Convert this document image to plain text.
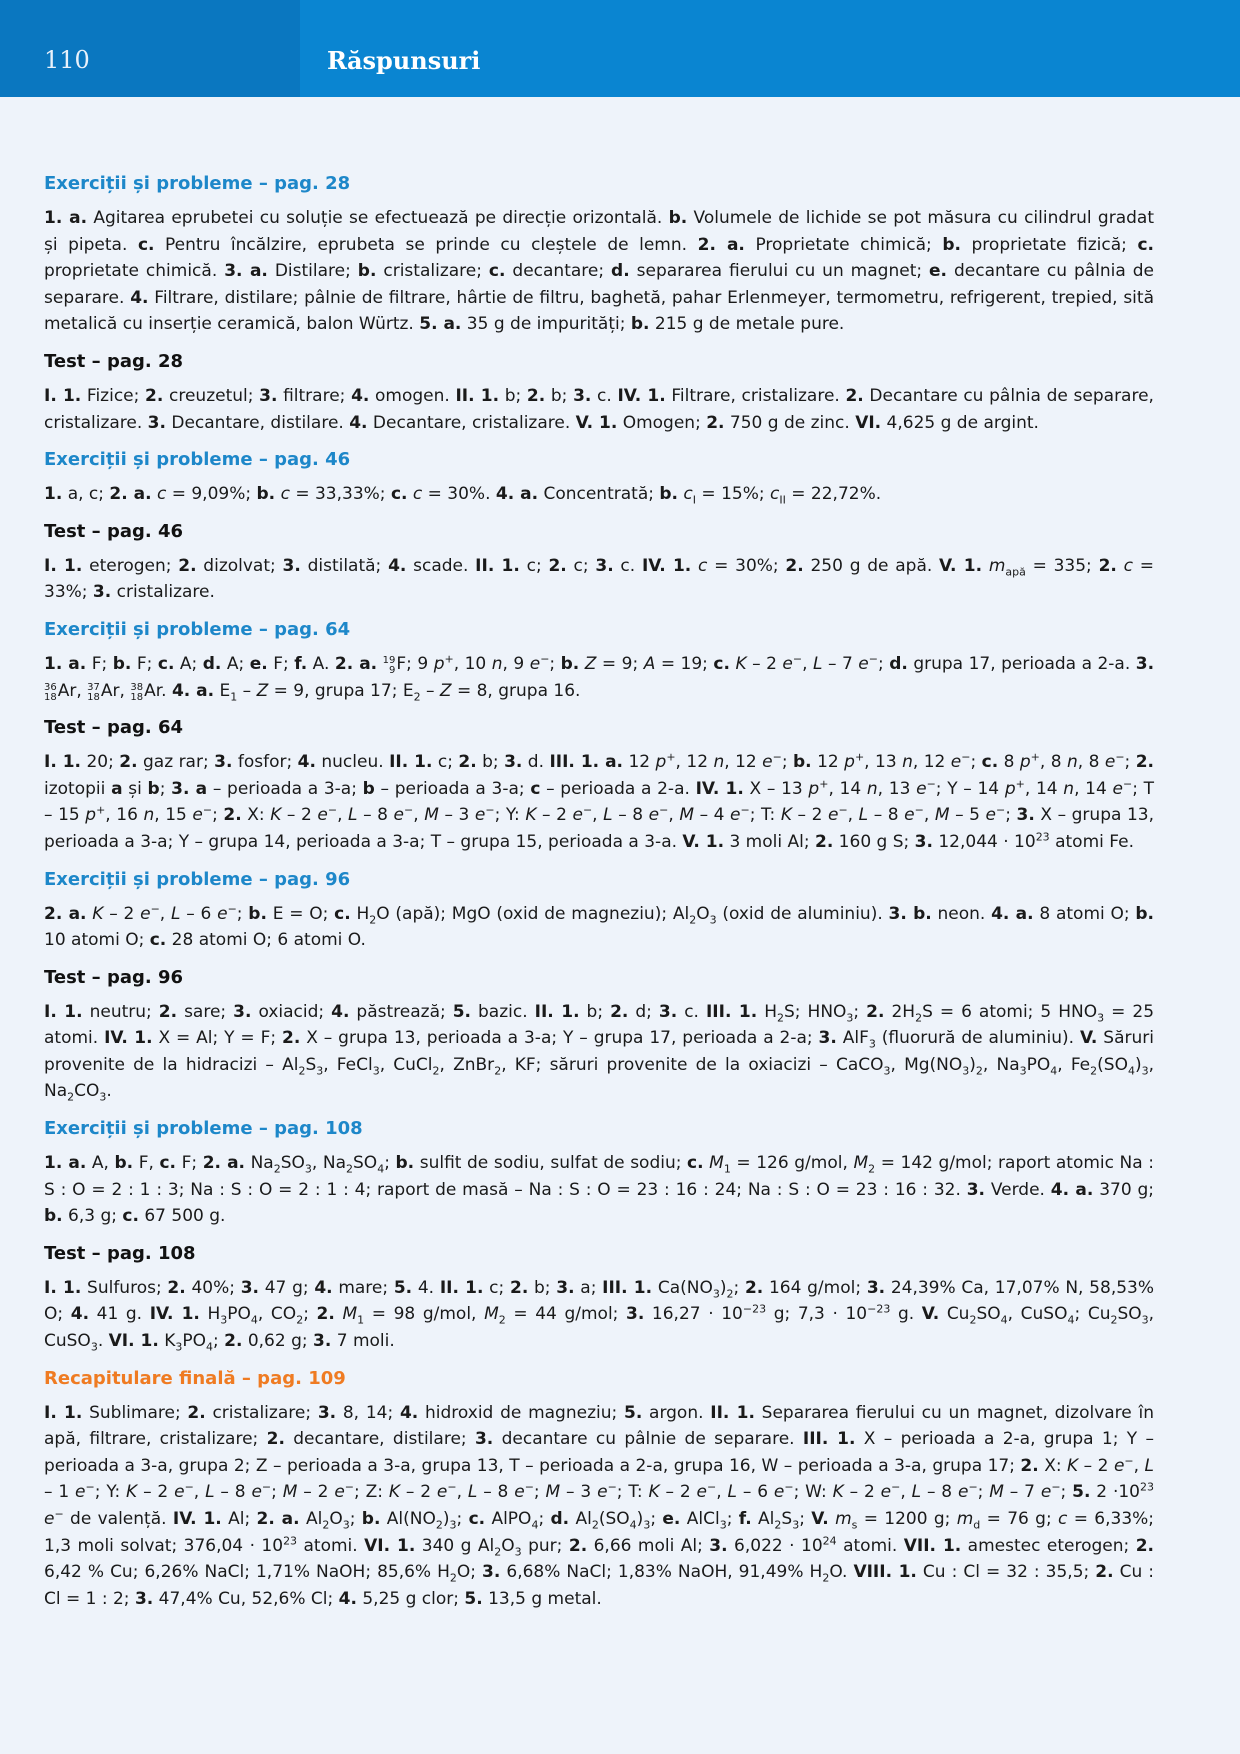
110	Răspunsuri
Exerciții și probleme – pag. 28
1. a. Agitarea eprubetei cu soluție se efectuează pe direcție orizontală. b. Volumele de lichide se pot măsura cu cilindrul gradat și pipeta. c. Pentru încălzire, eprubeta se prinde cu cleștele de lemn. 2. a. Proprietate chimică; b. proprietate fizică; c. proprietate chimică. 3. a. Distilare; b. cristalizare; c. decantare; d. separarea fierului cu un magnet; e. decantare cu pâlnia de separare. 4. Filtrare, distilare; pâlnie de filtrare, hârtie de filtru, baghetă, pahar Erlenmeyer, termometru, refrigerent, trepied, sită metalică cu inserție ceramică, balon Würtz. 5. a. 35 g de impurități; b. 215 g de metale pure.
Test – pag. 28
I. 1. Fizice; 2. creuzetul; 3. filtrare; 4. omogen. II. 1. b; 2. b; 3. c. IV. 1. Filtrare, cristalizare. 2. Decantare cu pâlnia de separare, cristalizare. 3. Decantare, distilare. 4. Decantare, cristalizare. V. 1. Omogen; 2. 750 g de zinc. VI. 4,625 g de argint.
Exerciții și probleme – pag. 46
1. a, c; 2. a. c = 9,09%; b. c = 33,33%; c. c = 30%. 4. a. Concentrată; b. $c_I = 15\%$; $c_{II} = 22,72\%$.
Test – pag. 46
I. 1. eterogen; 2. dizolvat; 3. distilată; 4. scade. II. 1. c; 2. c; 3. c. IV. 1. c = 30%; 2. 250 g de apă. V. 1. $m_{apă} = 335$; 2. c = 33%; 3. cristalizare.
Exerciții și probleme – pag. 64
1. a. F; b. F; c. A; d. A; e. F; f. A. 2. a. 19
9 F; 9 p+, 10 n, 9 e−; b. Z = 9; A = 19; c. K – 2 e−, L – 7 e−; d. grupa 17, perioada a 2-a. 3.
36
18 Ar, 37
18 Ar, 38
18 Ar. 4. a. $E_1 - Z = 9$, grupa 17; $E_2 - Z = 8$, grupa 16.
Test – pag. 64
I. 1. 20; 2. gaz rar; 3. fosfor; 4. nucleu. II. 1. c; 2. b; 3. d. III. 1. a. 12 p+, 12 n, 12 e−; b. 12 p+, 13 n, 12 e−; c. 8 p+, 8 n, 8 e−; 2. izotopii a și b; 3. a – perioada a 3-a; b – perioada a 3-a; c – perioada a 2-a. IV. 1. X – 13 p+, 14 n, 13 e−; Y – 14 p+, 14 n, 14 e−; T – 15 p+, 16 n, 15 e−; 2. X: K – 2 e−, L – 8 e−, M – 3 e−; Y: K – 2 e−, L – 8 e−, M – 4 e−; T: K – 2 e−, L – 8 e−, M – 5 e−; 3. X – grupa 13, perioada a 3-a; Y – grupa 14, perioada a 3-a; T – grupa 15, perioada a 3-a. V. 1. 3 moli Al; 2. 160 g S; 3. $12,044 \cdot 10^{23}$ atomi Fe.
Exerciții și probleme – pag. 96
2. a. K – 2 e−, L – 6 e−; b. E = O; c. $H_2O$ (apă); MgO (oxid de magneziu); $Al_2O_3$ (oxid de aluminiu). 3. b. neon. 4. a. 8 atomi O; b. 10 atomi O; c. 28 atomi O; 6 atomi O.
Test – pag. 96
I. 1. neutru; 2. sare; 3. oxiacid; 4. păstrează; 5. bazic. II. 1. b; 2. d; 3. c. III. 1. $H_2S$; $HNO_3$; 2. $2H_2S = 6$ atomi; 5 $HNO_3 = 25$ atomi. IV. 1. X = Al; Y = F; 2. X – grupa 13, perioada a 3-a; Y – grupa 17, perioada a 2-a; 3. AlF$_3$ (fluorură de aluminiu). V. Săruri provenite de la hidracizi – $Al_2S_3$, FeCl$_3$, CuCl$_2$, ZnBr$_2$, KF; săruri provenite de la oxiacizi – CaCO$_3$, $Mg(NO_3)_2$, $Na_3PO_4$, $Fe_2(SO_4)_3$, $Na_2CO_3$.
Exerciții și probleme – pag. 108
1. a. A, b. F, c. F; 2. a. $Na_2SO_3$, $Na_2SO_4$; b. sulfit de sodiu, sulfat de sodiu; c. $M_1 = 126$ g/mol, $M_2 = 142$ g/mol; raport atomic Na : S : O = 2 : 1 : 3; Na : S : O = 2 : 1 : 4; raport de masă – Na : S : O = 23 : 16 : 24; Na : S : O = 23 : 16 : 32. 3. Verde. 4. a. 370 g; b. 6,3 g; c. 67 500 g.
Test – pag. 108
I. 1. Sulfuros; 2. 40%; 3. 47 g; 4. mare; 5. 4. II. 1. c; 2. b; 3. a; III. 1. $Ca(NO_3)_2$; 2. 164 g/mol; 3. 24,39% Ca, 17,07% N, 58,53% O; 4. 41 g. IV. 1. $H_3PO_4$, $CO_2$; 2. $M_1 = 98$ g/mol, $M_2 = 44$ g/mol; 3. $16,27 \cdot 10^{-23}$ g; $7,3 \cdot 10^{-23}$ g. V. $Cu_2SO_4$, CuSO$_4$; $Cu_2SO_3$, CuSO$_3$. VI. 1. $K_3PO_4$; 2. 0,62 g; 3. 7 moli.
Recapitulare finală – pag. 109
I. 1. Sublimare; 2. cristalizare; 3. 8, 14; 4. hidroxid de magneziu; 5. argon. II. 1. Separarea fierului cu un magnet, dizolvare în apă, filtrare, cristalizare; 2. decantare, distilare; 3. decantare cu pâlnie de separare. III. 1. X – perioada a 2-a, grupa 1; Y – perioada a 3-a, grupa 2; Z – perioada a 3-a, grupa 13, T – perioada a 2-a, grupa 16, W – perioada a 3-a, grupa 17; 2. X: K – 2 e−, L – 1 e−; Y: K – 2 e−, L – 8 e−; M – 2 e−; Z: K – 2 e−, L – 8 e−; M – 3 e−; T: K – 2 e−, L – 6 e−; W: K – 2 e−, L – 8 e−; M – 7 e−; 5. $2 \cdot 10^{23}$ e− de valență. IV. 1. Al; 2. a. $Al_2O_3$; b. $Al(NO_2)_3$; c. AlPO$_4$; d. $Al_2(SO_4)_3$; e. AlCl$_3$; f. $Al_2S_3$; V. $m_s = 1200$ g; $m_d = 76$ g; c = 6,33%; 1,3 moli solvat; $376,04 \cdot 10^{23}$ atomi. VI. 1. 340 g $Al_2O_3$ pur; 2. 6,66 moli Al; 3. $6,022 \cdot 10^{24}$ atomi. VII. 1. amestec eterogen; 2. 6,42 % Cu; 6,26% NaCl; 1,71% NaOH; 85,6% $H_2O$; 3. 6,68% NaCl; 1,83% NaOH, 91,49% $H_2O$. VIII. 1. Cu : Cl = 32 : 35,5; 2. Cu : Cl = 1 : 2; 3. 47,4% Cu, 52,6% Cl; 4. 5,25 g clor; 5. 13,5 g metal.
